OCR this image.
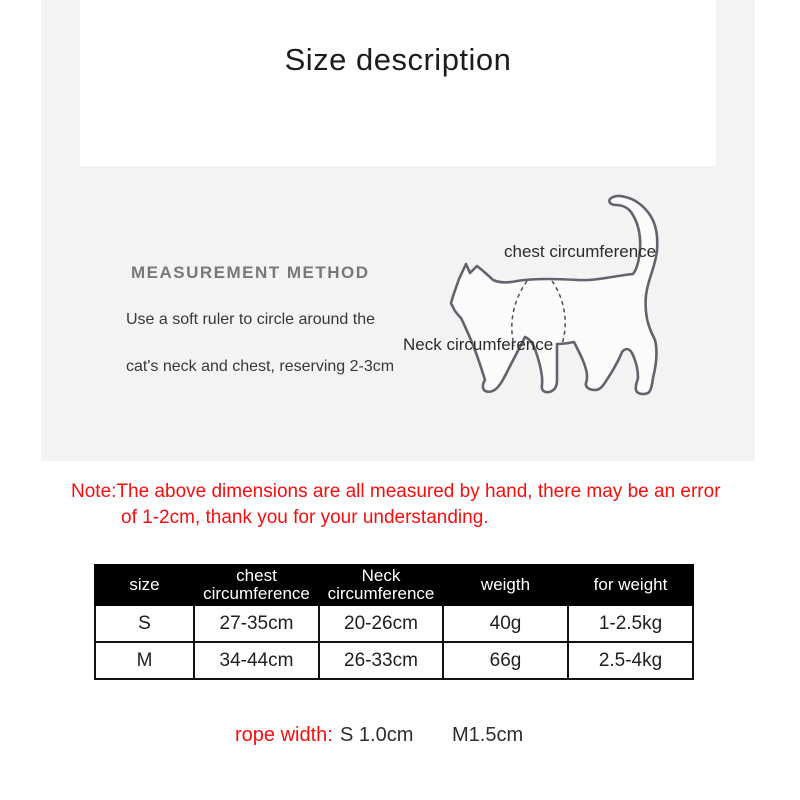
Size description
MEASUREMENT METHOD
Use a soft ruler to circle around the
cat's neck and chest, reserving 2-3cm
chest circumference
Neck circumference
Note:The above dimensions are all measured by hand, there may be an error
of 1-2cm, thank you for your understanding.
size	chest circumference	Neck circumference	weigth	for weight
S	27-35cm	20-26cm	40g	1-2.5kg
M	34-44cm	26-33cm	66g	2.5-4kg
rope width: S 1.0cm M1.5cm
